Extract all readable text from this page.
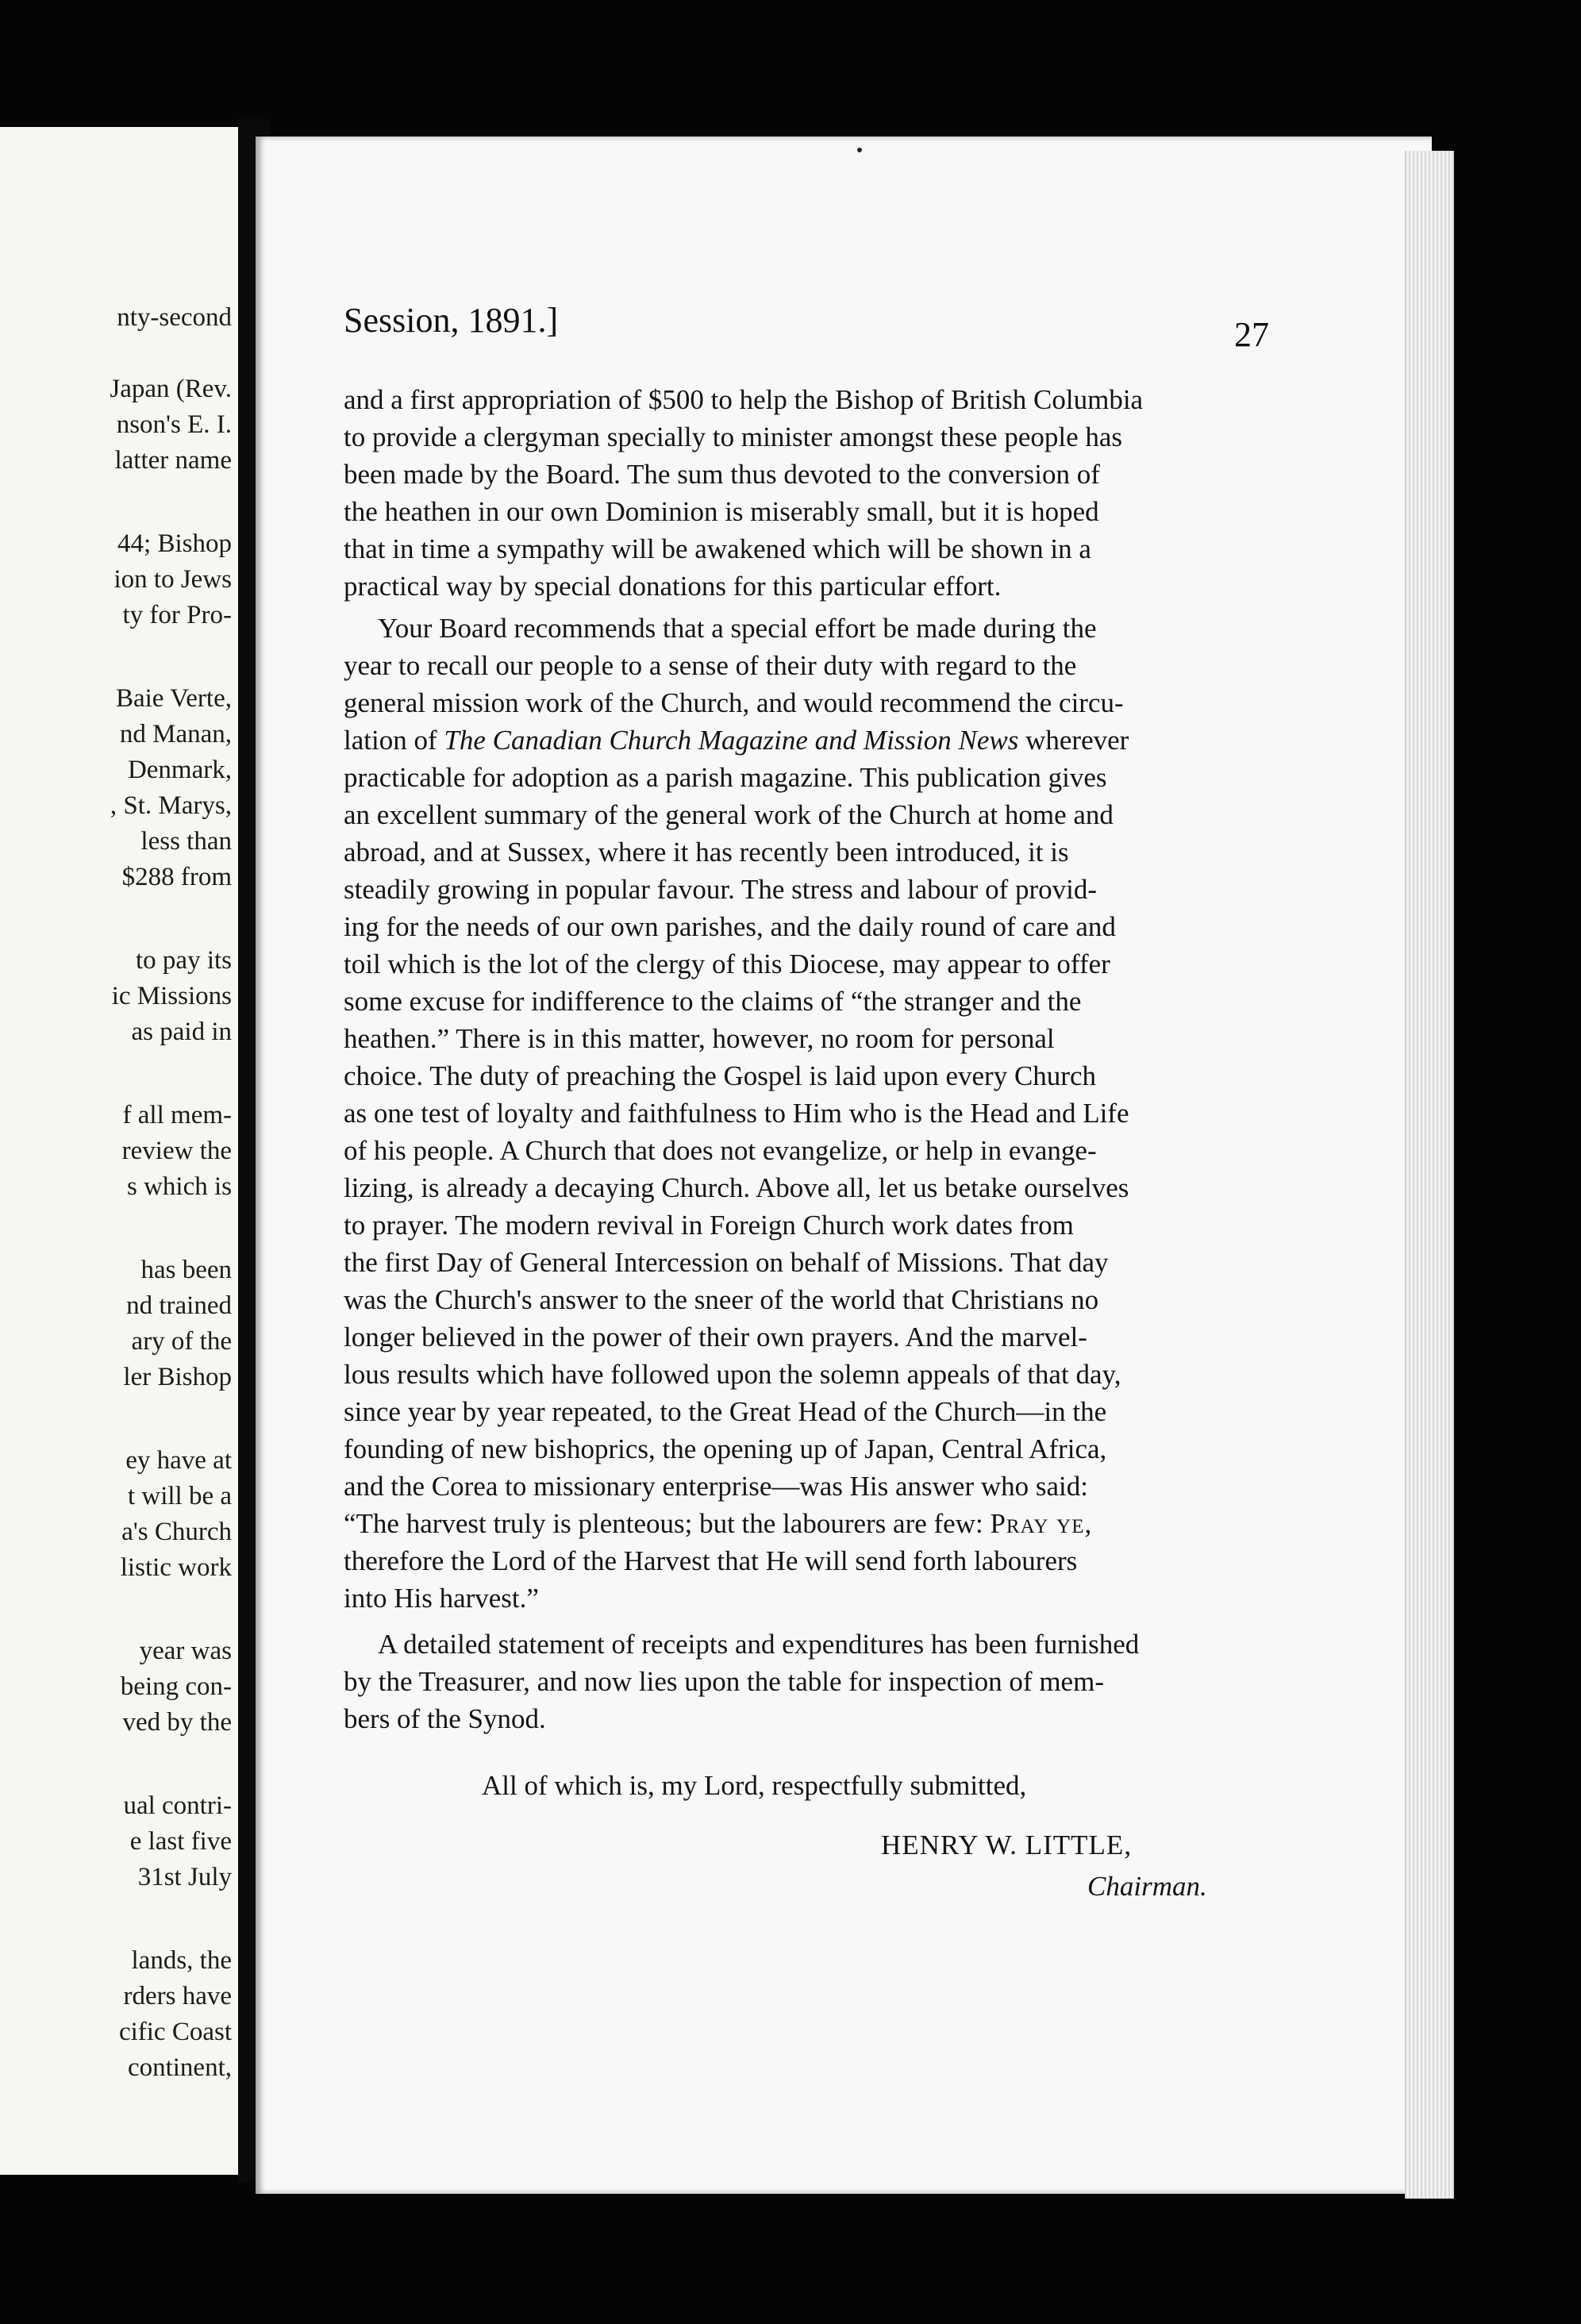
nty-second
Japan (Rev.
nson's E. I.
latter name
44; Bishop
ion to Jews
ty for Pro-
Baie Verte,
nd Manan,
Denmark,
, St. Marys,
less than
$288 from
to pay its
ic Missions
as paid in
f all mem-
review the
s which is
has been
nd trained
ary of the
ler Bishop
ey have at
t will be a
a's Church
listic work
year was
being con-
ved by the
ual contri-
e last five
31st July
lands, the
rders have
cific Coast
continent,
Session, 1891.]	27
and a first appropriation of $500 to help the Bishop of British Columbia
to provide a clergyman specially to minister amongst these people has
been made by the Board. The sum thus devoted to the conversion of
the heathen in our own Dominion is miserably small, but it is hoped
that in time a sympathy will be awakened which will be shown in a
practical way by special donations for this particular effort.
Your Board recommends that a special effort be made during the
year to recall our people to a sense of their duty with regard to the
general mission work of the Church, and would recommend the circu-
lation of The Canadian Church Magazine and Mission News wherever
practicable for adoption as a parish magazine. This publication gives
an excellent summary of the general work of the Church at home and
abroad, and at Sussex, where it has recently been introduced, it is
steadily growing in popular favour. The stress and labour of provid-
ing for the needs of our own parishes, and the daily round of care and
toil which is the lot of the clergy of this Diocese, may appear to offer
some excuse for indifference to the claims of “the stranger and the
heathen.” There is in this matter, however, no room for personal
choice. The duty of preaching the Gospel is laid upon every Church
as one test of loyalty and faithfulness to Him who is the Head and Life
of his people. A Church that does not evangelize, or help in evange-
lizing, is already a decaying Church. Above all, let us betake ourselves
to prayer. The modern revival in Foreign Church work dates from
the first Day of General Intercession on behalf of Missions. That day
was the Church's answer to the sneer of the world that Christians no
longer believed in the power of their own prayers. And the marvel-
lous results which have followed upon the solemn appeals of that day,
since year by year repeated, to the Great Head of the Church—in the
founding of new bishoprics, the opening up of Japan, Central Africa,
and the Corea to missionary enterprise—was His answer who said:
“The harvest truly is plenteous; but the labourers are few: Pray ye,
therefore the Lord of the Harvest that He will send forth labourers
into His harvest.”
A detailed statement of receipts and expenditures has been furnished
by the Treasurer, and now lies upon the table for inspection of mem-
bers of the Synod.
All of which is, my Lord, respectfully submitted,
HENRY W. LITTLE,
Chairman.
